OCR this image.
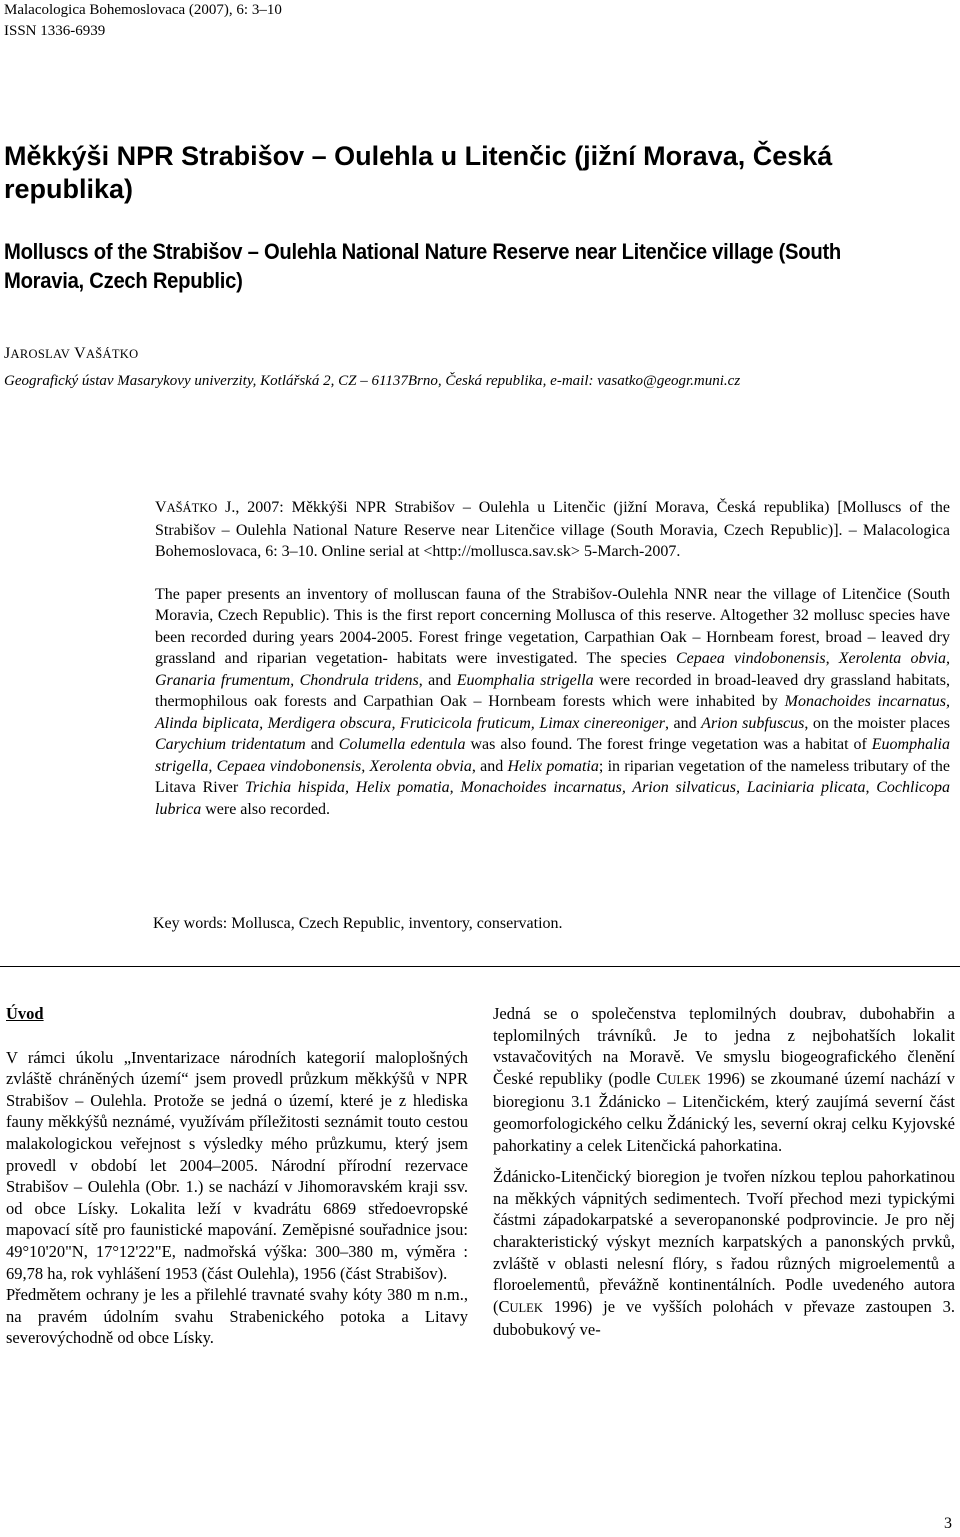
Malacologica Bohemoslovaca (2007), 6: 3–10
ISSN 1336-6939
Měkkýši NPR Strabišov – Oulehla u Litenčic (jižní Morava, Česká republika)
Molluscs of the Strabišov – Oulehla National Nature Reserve near Litenčice village (South Moravia, Czech Republic)
JAROSLAV VAŠÁTKO
Geografický ústav Masarykovy univerzity, Kotlářská 2, CZ – 61137Brno, Česká republika, e-mail: vasatko@geogr.muni.cz

VAŠÁTKO J., 2007: Měkkýši NPR Strabišov – Oulehla u Litenčic (jižní Morava, Česká republika) [Molluscs of the Strabišov – Oulehla National Nature Reserve near Litenčice village (South Moravia, Czech Republic)]. – Malacologica Bohemoslovaca, 6: 3–10. Online serial at <http://mollusca.sav.sk> 5-March-2007.

The paper presents an inventory of molluscan fauna of the Strabišov-Oulehla NNR near the village of Litenčice (South Moravia, Czech Republic). This is the first report concerning Mollusca of this reserve. Altogether 32 mollusc species have been recorded during years 2004-2005. Forest fringe vegetation, Carpathian Oak – Hornbeam forest, broad – leaved dry grassland and riparian vegetation- habitats were investigated. The species Cepaea vindobonensis, Xerolenta obvia, Granaria frumentum, Chondrula tridens, and Euomphalia strigella were recorded in broad-leaved dry grassland habitats, thermophilous oak forests and Carpathian Oak – Hornbeam forests which were inhabited by Monachoides incarnatus, Alinda biplicata, Merdigera obscura, Fruticicola fruticum, Limax cinereoniger, and Arion subfuscus, on the moister places Carychium tridentatum and Columella edentula was also found. The forest fringe vegetation was a habitat of Euomphalia strigella, Cepaea vindobonensis, Xerolenta obvia, and Helix pomatia; in riparian vegetation of the nameless tributary of the Litava River Trichia hispida, Helix pomatia, Monachoides incarnatus, Arion silvaticus, Laciniaria plicata, Cochlicopa lubrica were also recorded.

Key words: Mollusca, Czech Republic, inventory, conservation.

Úvod

V rámci úkolu „Inventarizace národních kategorií maloplošných zvláště chráněných území“ jsem provedl průzkum měkkýšů v NPR Strabišov – Oulehla. Protože se jedná o území, které je z hlediska fauny měkkýšů neznámé, využívám příležitosti seznámit touto cestou malakologickou veřejnost s výsledky mého průzkumu, který jsem provedl v období let 2004–2005. Národní přírodní rezervace Strabišov – Oulehla (Obr. 1.) se nachází v Jihomoravském kraji ssv. od obce Lísky. Lokalita leží v kvadrátu 6869 středoevropské mapovací sítě pro faunistické mapování. Zeměpisné souřadnice jsou: 49°10'20"N, 17°12'22"E, nadmořská výška: 300–380 m, výměra : 69,78 ha, rok vyhlášení 1953 (část Oulehla), 1956 (část Strabišov).

Předmětem ochrany je les a přilehlé travnaté svahy kóty 380 m n.m., na pravém údolním svahu Strabenického potoka a Litavy severovýchodně od obce Lísky.

Jedná se o společenstva teplomilných doubrav, dubohabřin a teplomilných trávníků. Je to jedna z nejbohatších lokalit vstavačovitých na Moravě. Ve smyslu biogeografického členění České republiky (podle CULEK 1996) se zkoumané území nachází v bioregionu 3.1 Ždánicko – Litenčickém, který zaujímá severní část geomorfologického celku Ždánický les, severní okraj celku Kyjovské pahorkatiny a celek Litenčická pahorkatina.

Ždánicko-Litenčický bioregion je tvořen nízkou teplou pahorkatinou na měkkých vápnitých sedimentech. Tvoří přechod mezi typickými částmi západokarpatské a severopanonské podprovincie. Je pro něj charakteristický výskyt mezních karpatských a panonských prvků, zvláště v oblasti nelesní flóry, s řadou různých migroelementů a floroelementů, převážně kontinentálních. Podle uvedeného autora (CULEK 1996) je ve vyšších polohách v převaze zastoupen 3. dubobukový ve-

3
